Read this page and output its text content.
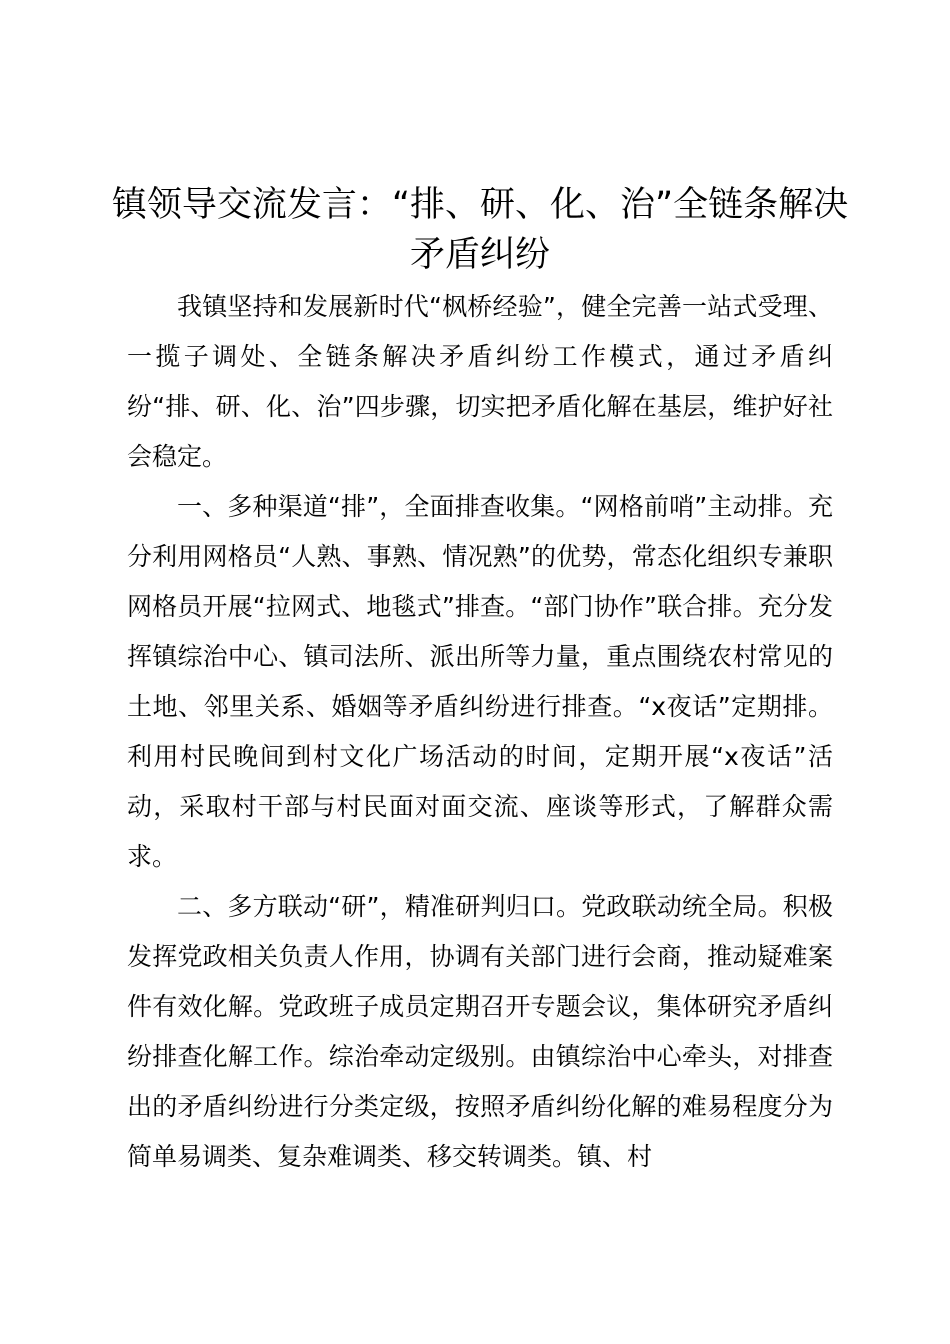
镇领导交流发言：“排、研、化、治”全链条解决矛盾纠纷

我镇坚持和发展新时代“枫桥经验”，健全完善一站式受理、一揽子调处、全链条解决矛盾纠纷工作模式，通过矛盾纠纷“排、研、化、治”四步骤，切实把矛盾化解在基层，维护好社会稳定。

一、多种渠道“排”，全面排查收集。“网格前哨”主动排。充分利用网格员“人熟、事熟、情况熟”的优势，常态化组织专兼职网格员开展“拉网式、地毯式”排查。“部门协作”联合排。充分发挥镇综治中心、镇司法所、派出所等力量，重点围绕农村常见的土地、邻里关系、婚姻等矛盾纠纷进行排查。“x夜话”定期排。利用村民晚间到村文化广场活动的时间，定期开展“x夜话”活动，采取村干部与村民面对面交流、座谈等形式，了解群众需求。

二、多方联动“研”，精准研判归口。党政联动统全局。积极发挥党政相关负责人作用，协调有关部门进行会商，推动疑难案件有效化解。党政班子成员定期召开专题会议，集体研究矛盾纠纷排查化解工作。综治牵动定级别。由镇综治中心牵头，对排查出的矛盾纠纷进行分类定级，按照矛盾纠纷化解的难易程度分为简单易调类、复杂难调类、移交转调类。镇、村
